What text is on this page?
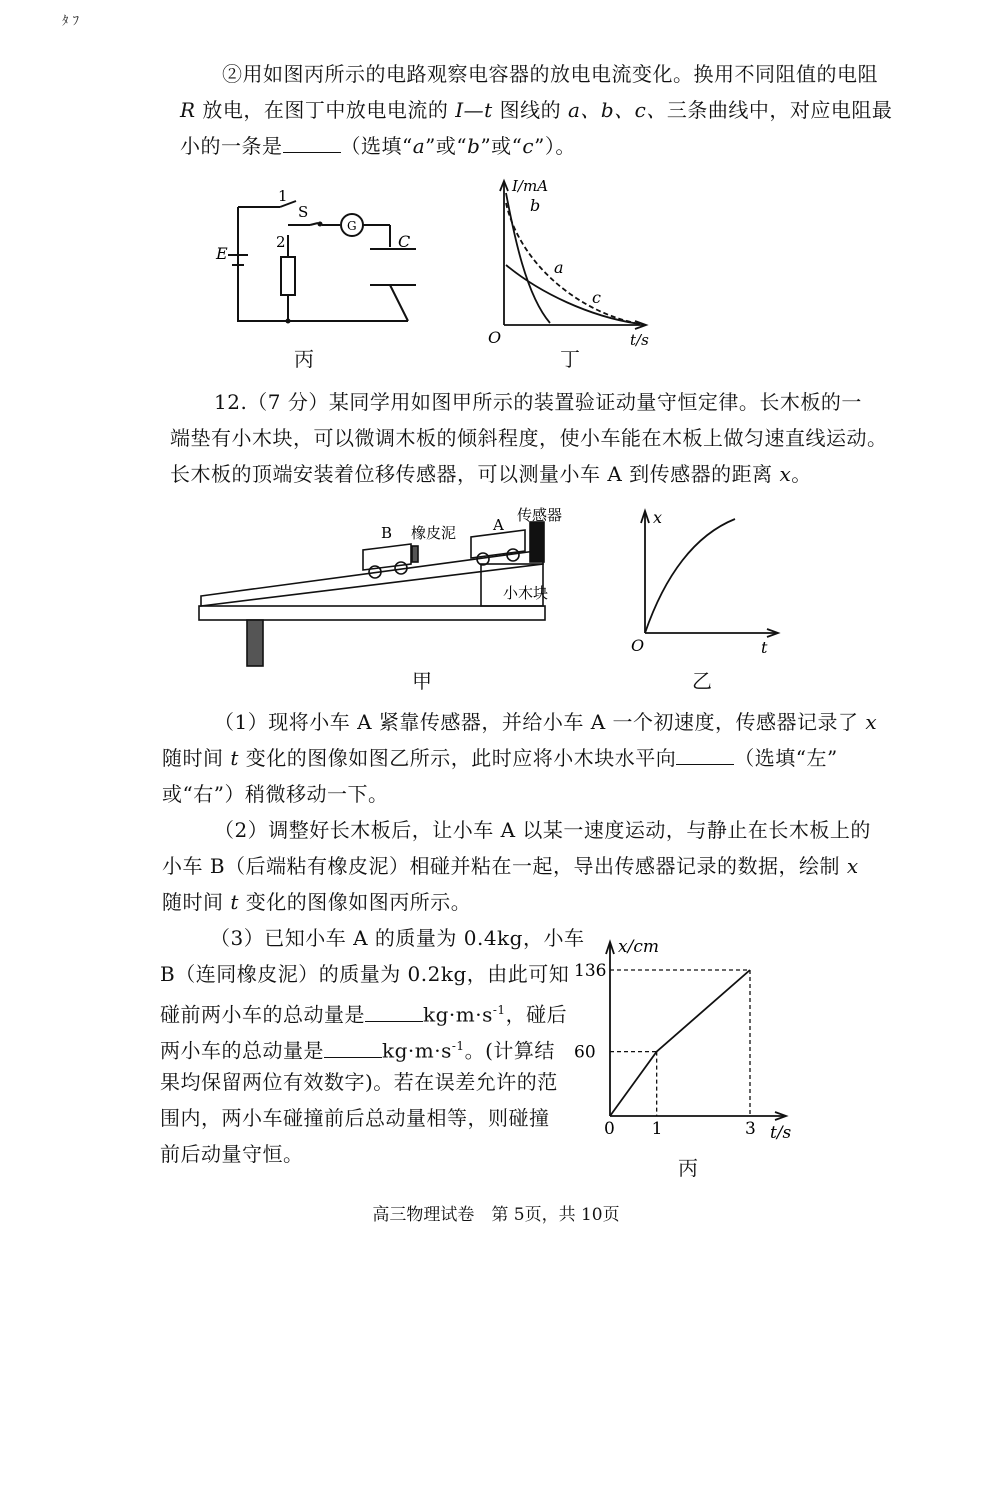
ﾀ ﾌ
②用如图丙所示的电路观察电容器的放电电流变化。换用不同阻值的电阻
R 放电，在图丁中放电电流的 I—t 图线的 a、b、c、三条曲线中，对应电阻最
小的一条是	（选填“a”或“b”或“c”）。
1
2
S
G
C
E
丙
I/mA
t/s
O
b
a
c
丁
12.（7 分）某同学用如图甲所示的装置验证动量守恒定律。长木板的一
端垫有小木块，可以微调木板的倾斜程度，使小车能在木板上做匀速直线运动。
长木板的顶端安装着位移传感器，可以测量小车 A 到传感器的距离 x。
B 橡皮泥 A
传感器
小木块
甲
x
t
O
乙
（1）现将小车 A 紧靠传感器，并给小车 A 一个初速度，传感器记录了 x
随时间 t 变化的图像如图乙所示，此时应将小木块水平向	（选填“左”
或“右”）稍微移动一下。
（2）调整好长木板后，让小车 A 以某一速度运动，与静止在长木板上的
小车 B（后端粘有橡皮泥）相碰并粘在一起，导出传感器记录的数据，绘制 x
随时间 t 变化的图像如图丙所示。
（3）已知小车 A 的质量为 0.4kg，小车
B（连同橡皮泥）的质量为 0.2kg，由此可知
碰前两小车的总动量是	$kg\cdot m\cdot s^{-1}$，碰后
两小车的总动量是	$kg\cdot m\cdot s^{-1}$。(计算结
果均保留两位有效数字)。若在误差允许的范
围内，两小车碰撞前后总动量相等，则碰撞
前后动量守恒。
x/cm
t/s
0
136
60
1	3
丙
高三物理试卷　第 5页，共 10页
